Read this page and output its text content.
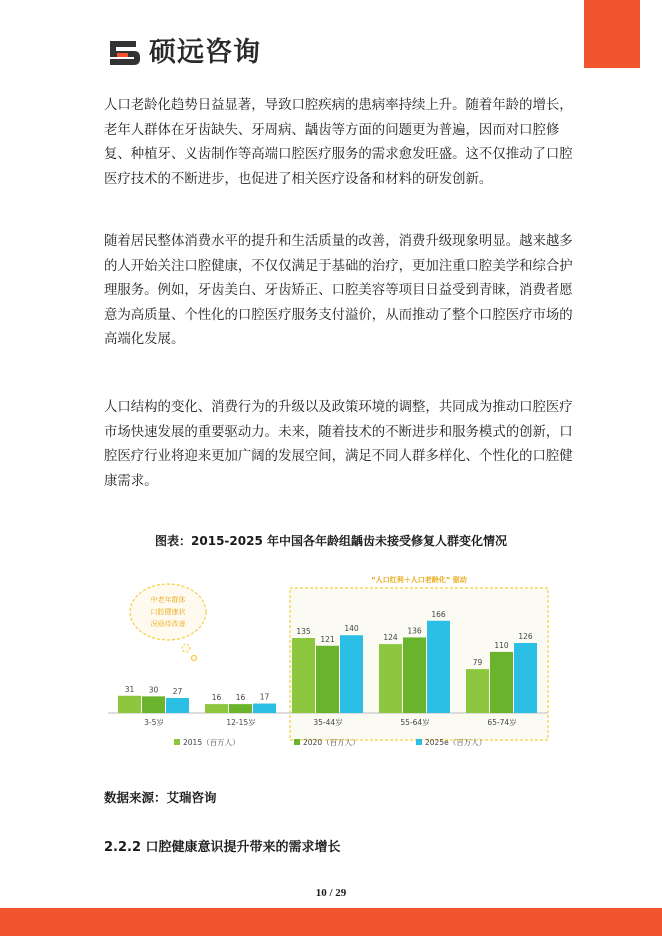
硕远咨询

人口老龄化趋势日益显著，导致口腔疾病的患病率持续上升。随着年龄的增长，老年人群体在牙齿缺失、牙周病、龋齿等方面的问题更为普遍，因而对口腔修复、种植牙、义齿制作等高端口腔医疗服务的需求愈发旺盛。这不仅推动了口腔医疗技术的不断进步，也促进了相关医疗设备和材料的研发创新。

随着居民整体消费水平的提升和生活质量的改善，消费升级现象明显。越来越多的人开始关注口腔健康，不仅仅满足于基础的治疗，更加注重口腔美学和综合护理服务。例如，牙齿美白、牙齿矫正、口腔美容等项目日益受到青睐，消费者愿意为高质量、个性化的口腔医疗服务支付溢价，从而推动了整个口腔医疗市场的高端化发展。

人口结构的变化、消费行为的升级以及政策环境的调整，共同成为推动口腔医疗市场快速发展的重要驱动力。未来，随着技术的不断进步和服务模式的创新，口腔医疗行业将迎来更加广阔的发展空间，满足不同人群多样化、个性化的口腔健康需求。

图表：2015-2025 年中国各年龄组龋齿未接受修复人群变化情况
“人口红利＋人口老龄化” 驱动
中老年群体
口腔健康状
况亟待改善
31 30 27
3-5岁
16 16 17
12-15岁
135
121
140
35-44岁
124
136
166
55-64岁
79
110
126
65-74岁
2015（百万人）	2020（百万人）	2025e（百万人）
数据来源：艾瑞咨询
2.2.2 口腔健康意识提升带来的需求增长
10 / 29
